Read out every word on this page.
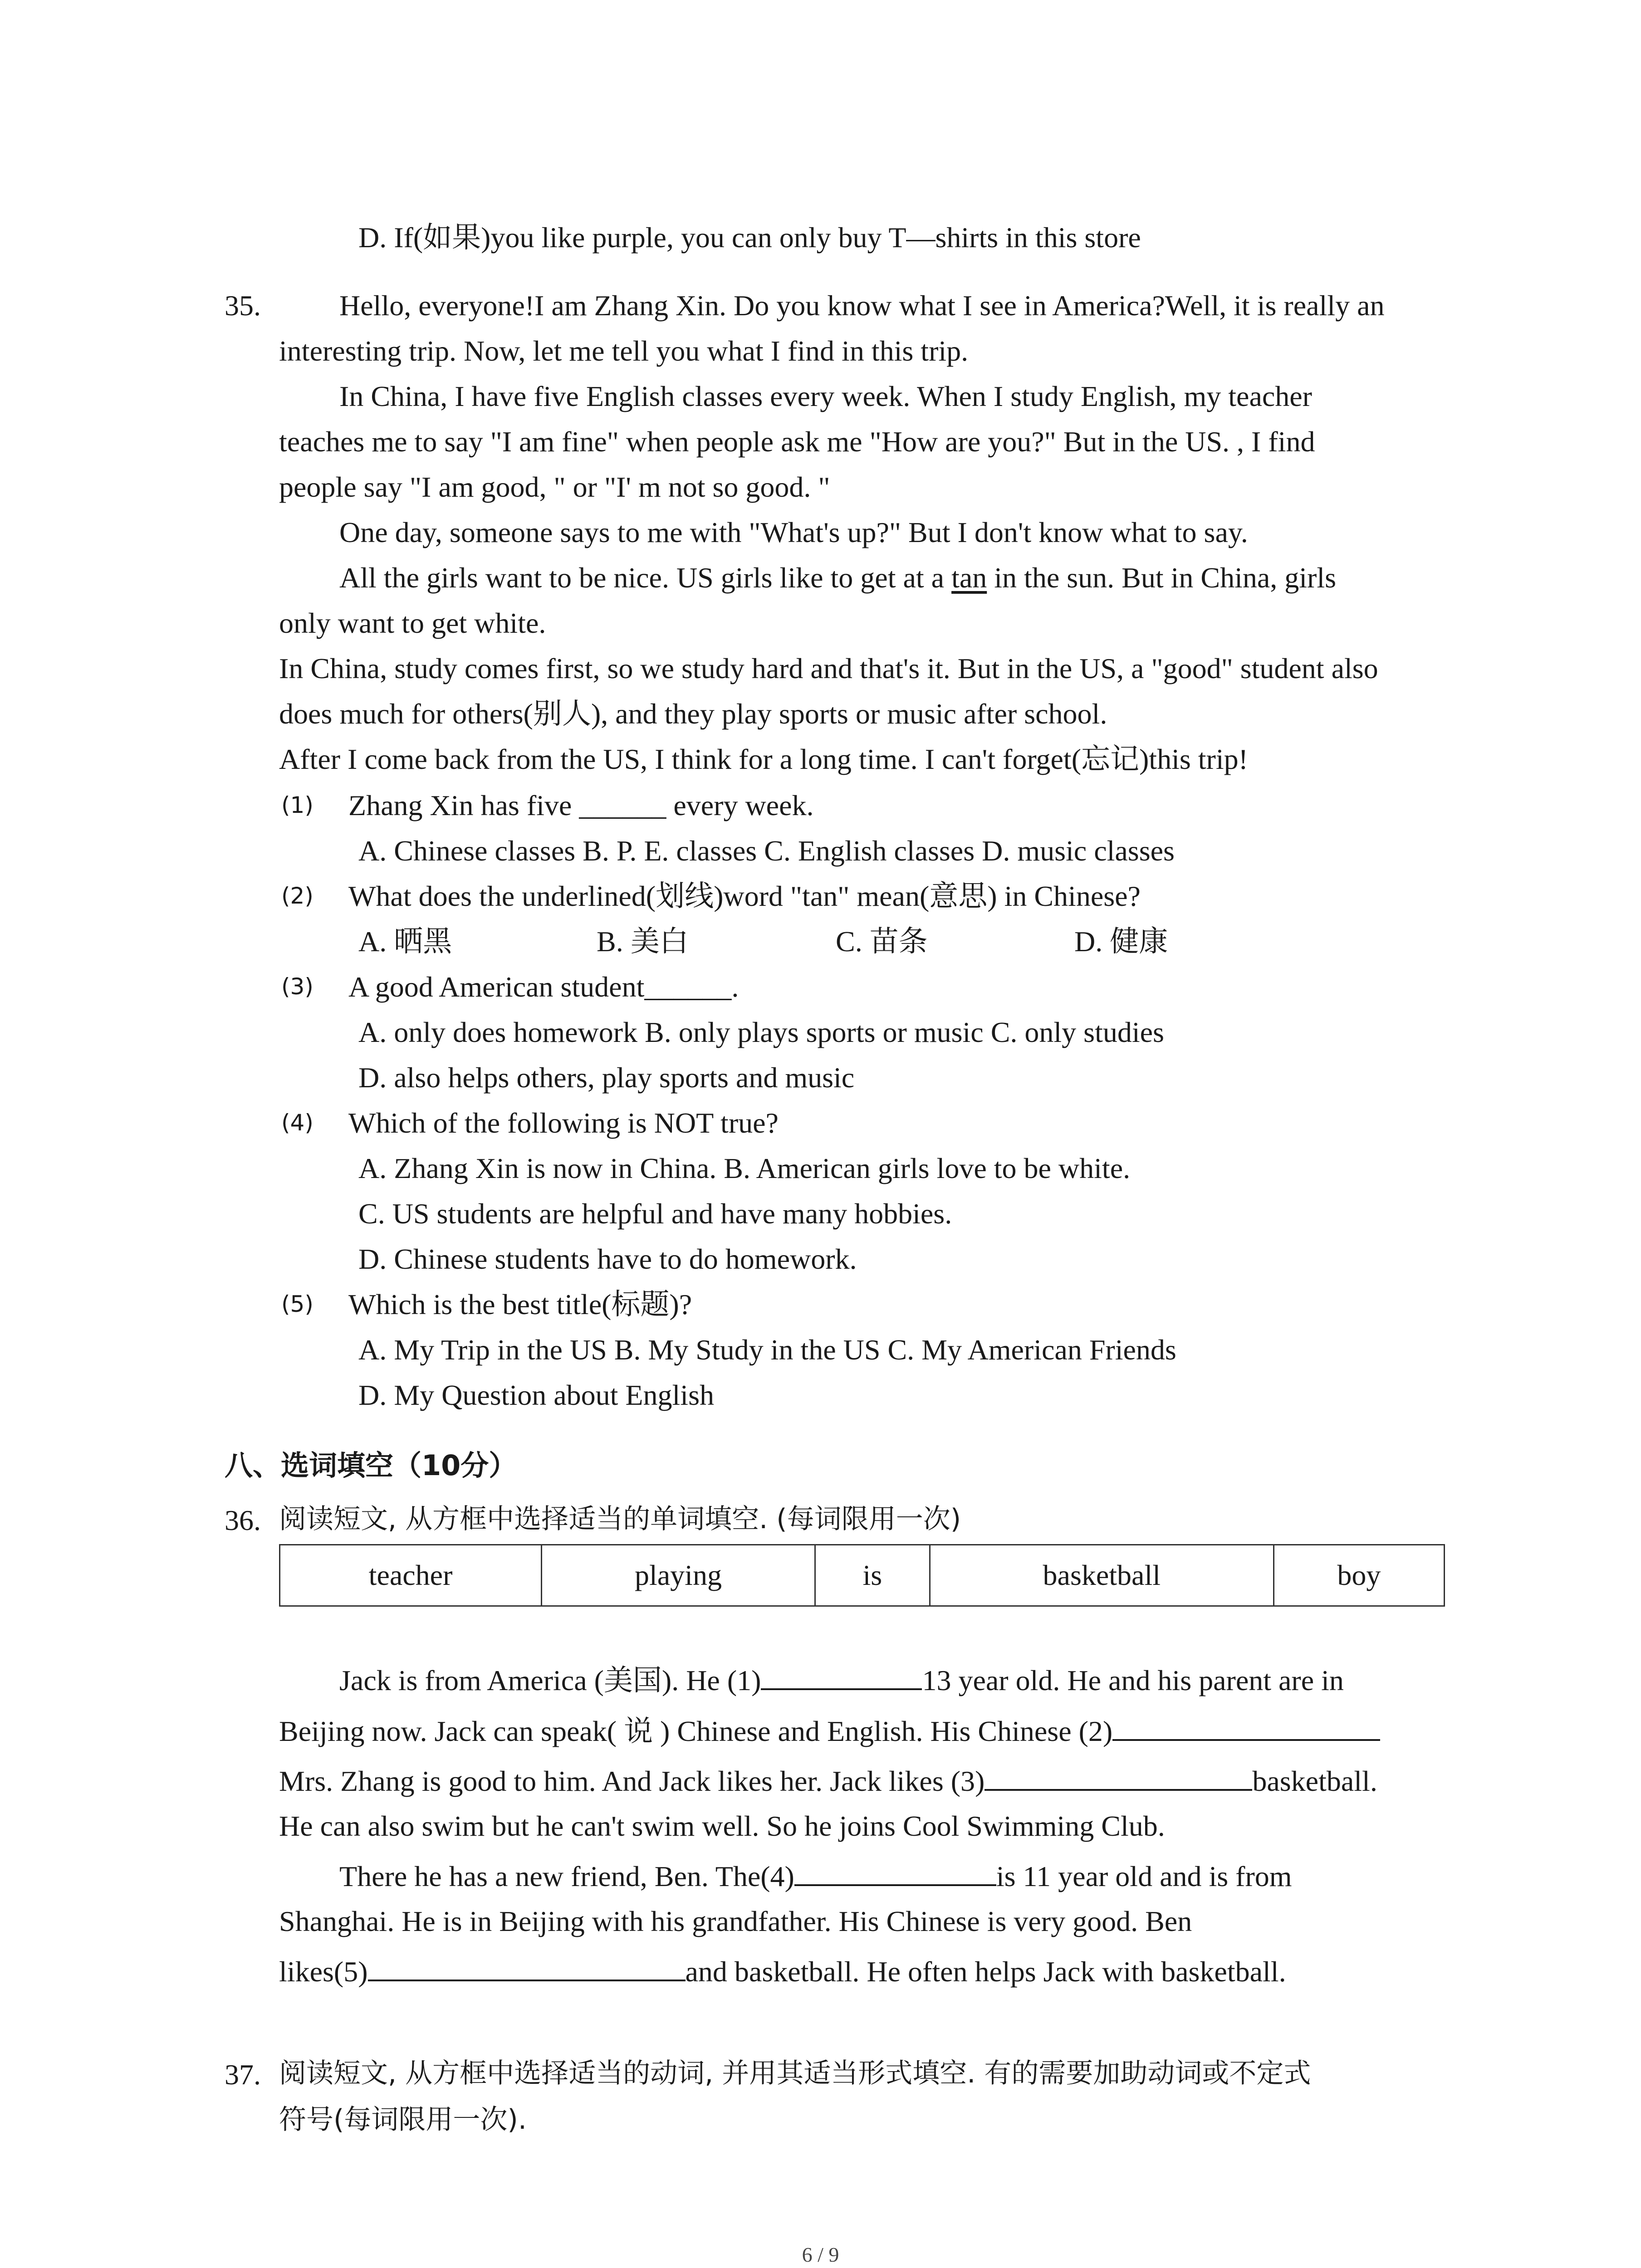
D. If(如果)you like purple, you can only buy T—shirts in this store
35.	Hello, everyone!I am Zhang Xin. Do you know what I see in America?Well, it is really an
interesting trip. Now, let me tell you what I find in this trip.
In China, I have five English classes every week. When I study English, my teacher
teaches me to say "I am fine" when people ask me "How are you?" But in the US. , I find
people say "I am good, " or "I' m not so good. "
One day, someone says to me with "What's up?" But I don't know what to say.
All the girls want to be nice. US girls like to get at a tan in the sun. But in China, girls
only want to get white.
In China, study comes first, so we study hard and that's it. But in the US, a "good" student also
does much for others(别人), and they play sports or music after school.
After I come back from the US, I think for a long time. I can't forget(忘记)this trip!
(1) Zhang Xin has five ______ every week.
A. Chinese classes B. P. E. classes C. English classes D. music classes
(2) What does the underlined(划线)word "tan" mean(意思) in Chinese?
A. 晒黑	B. 美白	C. 苗条	D. 健康
(3) A good American student______.
A. only does homework B. only plays sports or music C. only studies
D. also helps others, play sports and music
(4) Which of the following is NOT true?
A. Zhang Xin is now in China. B. American girls love to be white.
C. US students are helpful and have many hobbies.
D. Chinese students have to do homework.
(5) Which is the best title(标题)?
A. My Trip in the US B. My Study in the US C. My American Friends
D. My Question about English
八、选词填空（10分）
36. 阅读短文, 从方框中选择适当的单词填空. (每词限用一次)
teacher	playing	is	basketball	boy
Jack is from America (美国). He (1)	13 year old. He and his parent are in
Beijing now. Jack can speak( 说 ) Chinese and English. His Chinese (2)
Mrs. Zhang is good to him. And Jack likes her. Jack likes (3)	basketball.
He can also swim but he can't swim well. So he joins Cool Swimming Club.
There he has a new friend, Ben. The(4)	is 11 year old and is from
Shanghai. He is in Beijing with his grandfather. His Chinese is very good. Ben
likes(5)	and basketball. He often helps Jack with basketball.
37. 阅读短文, 从方框中选择适当的动词, 并用其适当形式填空. 有的需要加助动词或不定式
符号(每词限用一次).
6 / 9
